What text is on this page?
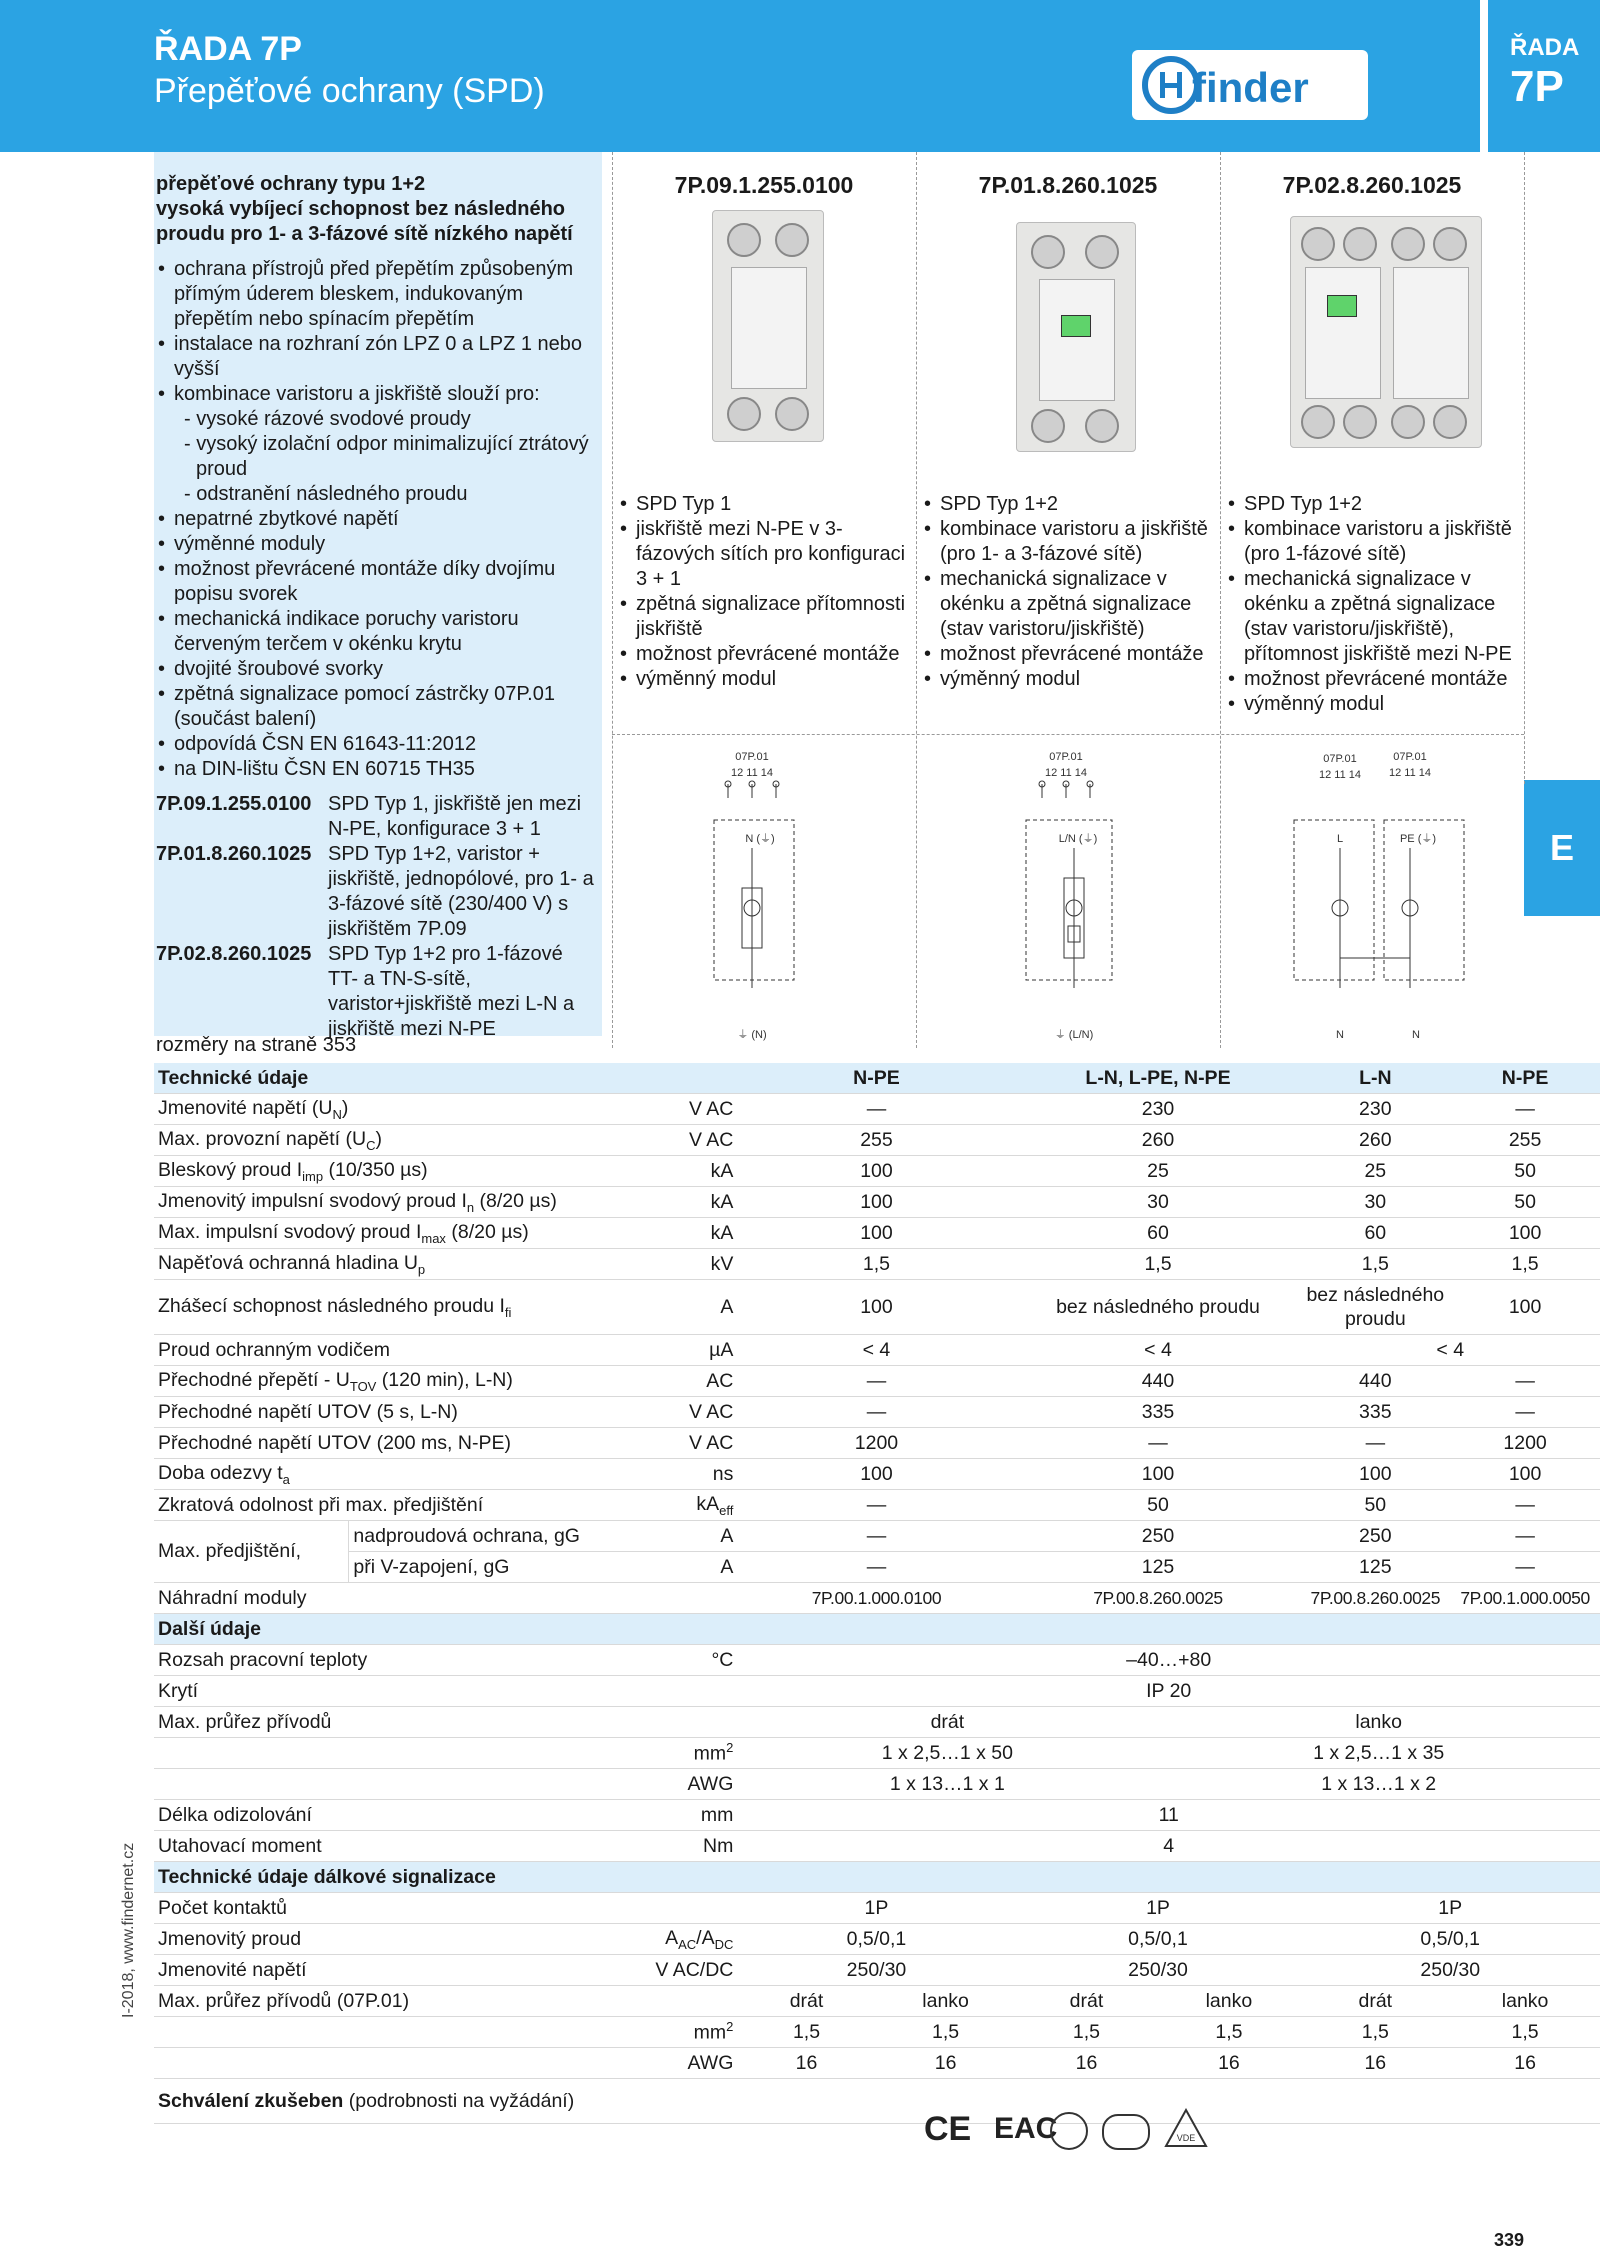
ŘADA 7P
Přepěťové ochrany (SPD)	finder
ŘADA
7P
E
I-2018, www.findernet.cz
přepěťové ochrany typu 1+2
vysoká vybíjecí schopnost bez následného proudu pro 1- a 3-fázové sítě nízkého napětí
• ochrana přístrojů před přepětím způsobeným přímým úderem bleskem, indukovaným přepětím nebo spínacím přepětím
• instalace na rozhraní zón LPZ 0 a LPZ 1 nebo vyšší
• kombinace varistoru a jiskřiště slouží pro:
- vysoké rázové svodové proudy
- vysoký izolační odpor minimalizující ztrátový proud
- odstranění následného proudu
• nepatrné zbytkové napětí
• výměnné moduly
• možnost převrácené montáže díky dvojímu popisu svorek
• mechanická indikace poruchy varistoru červeným terčem v okénku krytu
• dvojité šroubové svorky
• zpětná signalizace pomocí zástrčky 07P.01 (součást balení)
• odpovídá ČSN EN 61643-11:2012
• na DIN-lištu ČSN EN 60715 TH35
7P.09.1.255.0100 SPD Typ 1, jiskřiště jen mezi N-PE, konfigurace 3 + 1
7P.01.8.260.1025 SPD Typ 1+2, varistor + jiskřiště, jednopólové, pro 1- a 3-fázové sítě (230/400 V) s jiskřištěm 7P.09
7P.02.8.260.1025 SPD Typ 1+2 pro 1-fázové TT- a TN-S-sítě, varistor+jiskřiště mezi L-N a jiskřiště mezi N-PE
rozměry na straně 353
7P.09.1.255.0100	7P.01.8.260.1025	7P.02.8.260.1025
• SPD Typ 1
• jiskřiště mezi N-PE v 3-fázových sítích pro konfiguraci 3 + 1
• zpětná signalizace přítomnosti jiskřiště
• možnost převrácené montáže
• výměnný modul
• SPD Typ 1+2
• kombinace varistoru a jiskřiště (pro 1- a 3-fázové sítě)
• mechanická signalizace v okénku a zpětná signalizace (stav varistoru/jiskřiště)
• možnost převrácené montáže
• výměnný modul
• SPD Typ 1+2
• kombinace varistoru a jiskřiště (pro 1-fázové sítě)
• mechanická signalizace v okénku a zpětná signalizace (stav varistoru/jiskřiště), přítomnost jiskřiště mezi N-PE
• možnost převrácené montáže
• výměnný modul
07P.01
12 11 14
N (⏚)
⏚ (N)
07P.01
12 11 14
L/N (⏚)
⏚ (L/N)
07P.01	07P.01
12 11 14	12 11 14
L	PE (⏚)
N	N
Technické údaje			N-PE		L-N, L-PE, N-PE		L-N	N-PE
Jmenovité napětí $(U_N)$		V AC	—		230		230	—
Max. provozní napětí $(U_C)$		V AC	255		260		260	255
Bleskový proud $I_{imp}$ (10/350 µs)		kA	100		25		25	50
Jmenovitý impulsní svodový proud $I_n$ (8/20 µs)		kA	100		30		30	50
Max. impulsní svodový proud $I_{max}$ (8/20 µs)		kA	100		60		60	100
Napěťová ochranná hladina $U_p$		kV	1,5		1,5		1,5	1,5
Zhášecí schopnost následného proudu $I_{fi}$		A	100		bez následného proudu		bez následného proudu	100
Proud ochranným vodičem		µA	< 4		< 4		< 4	
Přechodné přepětí - $U_{TOV}$ (120 min), L-N)		AC	—		440		440	—
Přechodné napětí UTOV (5 s, L-N)		V AC	—		335		335	—
Přechodné napětí UTOV (200 ms, N-PE)		V AC	1200		—		—	1200
Doba odezvy $t_a$		ns	100		100		100	100
Zkratová odolnost při max. předjištění		$kA_{eff}$	—		50		50	—
Max. předjištění,	nadproudová ochrana, gG	A	—		250		250	—
	při V-zapojení, gG	A	—		125		125	—
Náhradní moduly			7P.00.1.000.0100		7P.00.8.260.0025		7P.00.8.260.0025	7P.00.1.000.0050
Další údaje								
Rozsah pracovní teploty		°C	–40…+80					
Krytí			IP 20					
Max. průřez přívodů			drát			lanko		
		$mm^2$	1 x 2,5…1 x 50			1 x 2,5…1 x 35		
		AWG	1 x 13…1 x 1			1 x 13…1 x 2		
Délka odizolování		mm	11					
Utahovací moment		Nm	4					
Technické údaje dálkové signalizace								
Počet kontaktů			1P		1P		1P	
Jmenovitý proud		$A_{AC}/A_{DC}$	0,5/0,1		0,5/0,1		0,5/0,1	
Jmenovité napětí		V AC/DC	250/30		250/30		250/30	
Max. průřez přívodů (07P.01)			drát	lanko	drát	lanko	drát	lanko
		$mm^2$	1,5	1,5	1,5	1,5	1,5	1,5
		AWG	16	16	16	16	16	16
Schválení zkušeben (podrobnosti na vyžádání)								
CE EAC	VDE
339
